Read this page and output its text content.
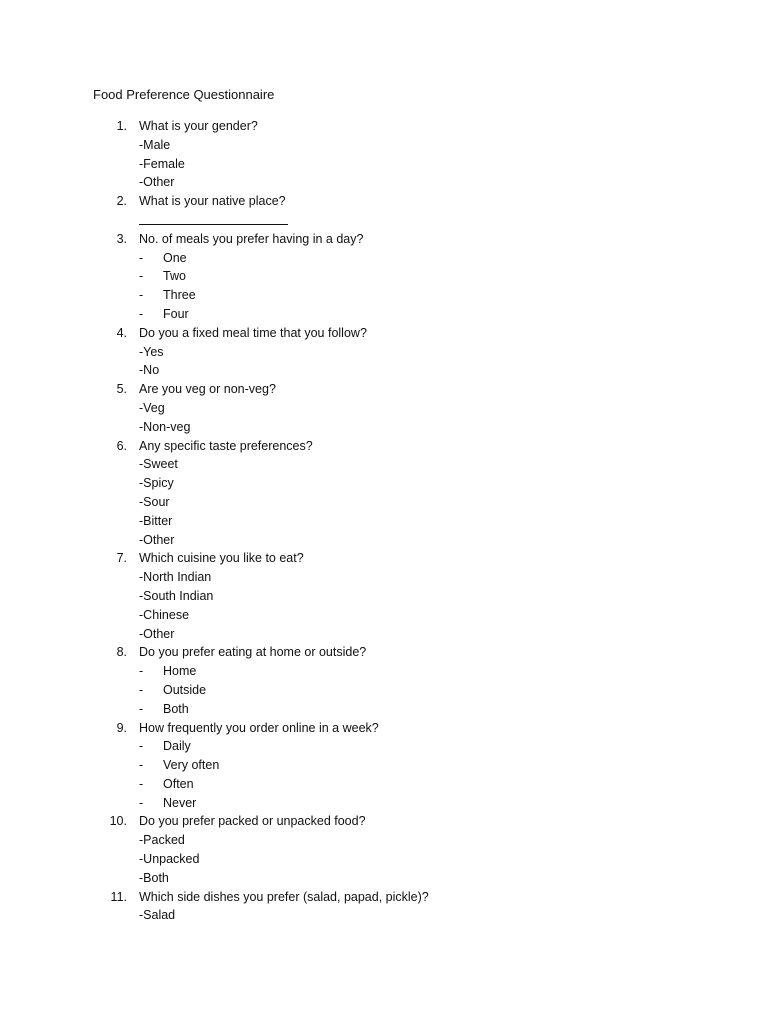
Food Preference Questionnaire
1. What is your gender?
-Male
-Female
-Other
2. What is your native place?
3. No. of meals you prefer having in a day?
- One
- Two
- Three
- Four
4. Do you a fixed meal time that you follow?
-Yes
-No
5. Are you veg or non-veg?
-Veg
-Non-veg
6. Any specific taste preferences?
-Sweet
-Spicy
-Sour
-Bitter
-Other
7. Which cuisine you like to eat?
-North Indian
-South Indian
-Chinese
-Other
8. Do you prefer eating at home or outside?
- Home
- Outside
- Both
9. How frequently you order online in a week?
- Daily
- Very often
- Often
- Never
10. Do you prefer packed or unpacked food?
-Packed
-Unpacked
-Both
11. Which side dishes you prefer (salad, papad, pickle)?
-Salad
